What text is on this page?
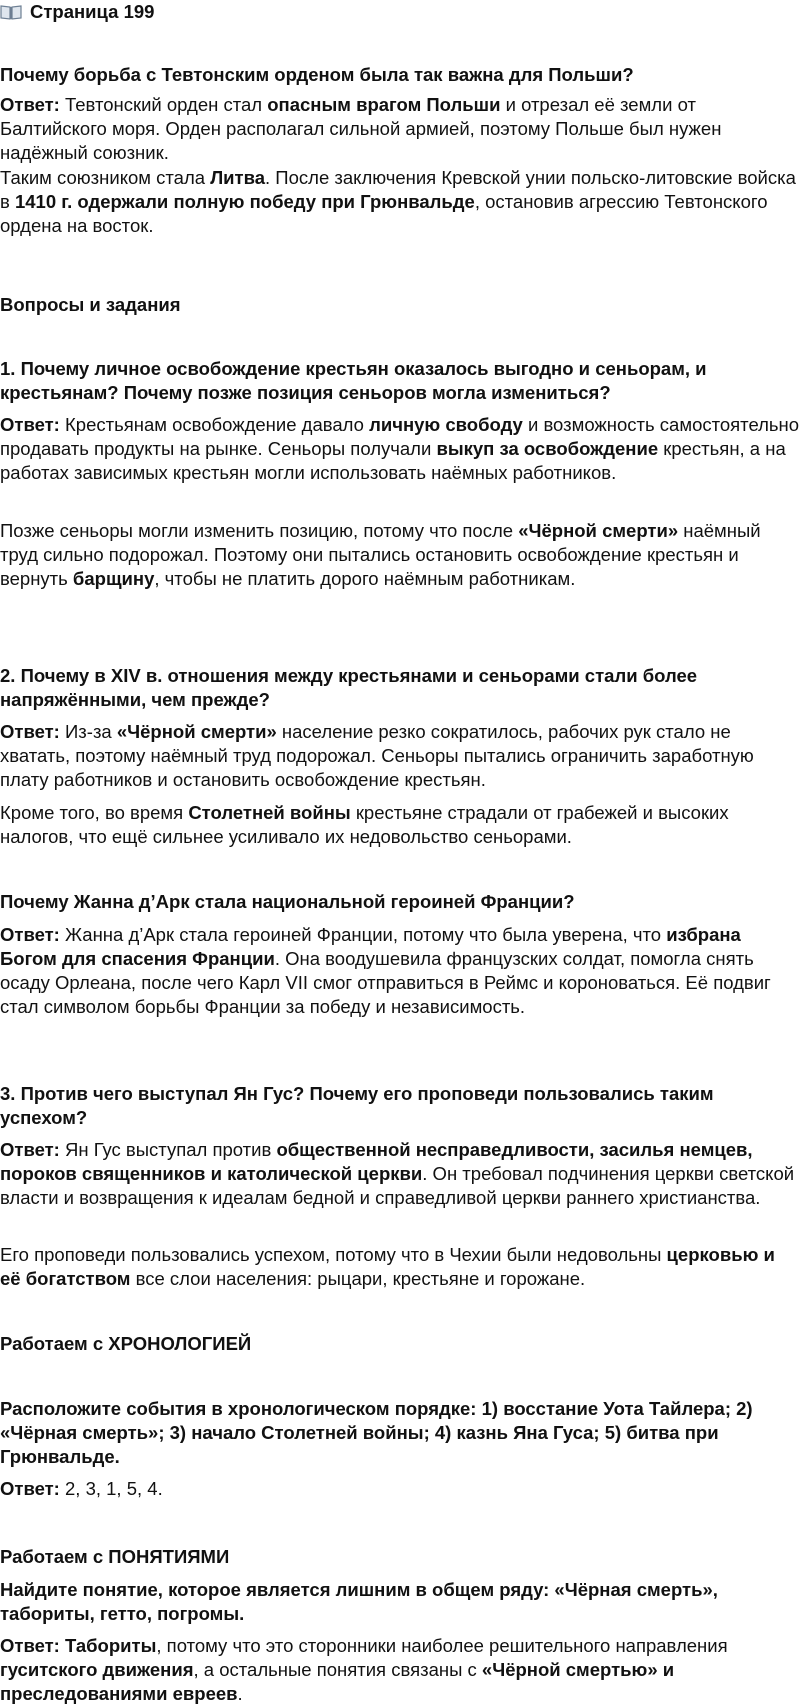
Страница 199
Почему борьба с Тевтонским орденом была так важна для Польши?

Ответ: Тевтонский орден стал опасным врагом Польши и отрезал её земли от Балтийского моря. Орден располагал сильной армией, поэтому Польше был нужен надёжный союзник.

Таким союзником стала Литва. После заключения Кревской унии польско-литовские войска в 1410 г. одержали полную победу при Грюнвальде, остановив агрессию Тевтонского ордена на восток.

Вопросы и задания
1. Почему личное освобождение крестьян оказалось выгодно и сеньорам, и крестьянам? Почему позже позиция сеньоров могла измениться?

Ответ: Крестьянам освобождение давало личную свободу и возможность самостоятельно продавать продукты на рынке. Сеньоры получали выкуп за освобождение крестьян, а на работах зависимых крестьян могли использовать наёмных работников.

Позже сеньоры могли изменить позицию, потому что после «Чёрной смерти» наёмный труд сильно подорожал. Поэтому они пытались остановить освобождение крестьян и вернуть барщину, чтобы не платить дорого наёмным работникам.

2. Почему в XIV в. отношения между крестьянами и сеньорами стали более напряжёнными, чем прежде?

Ответ: Из-за «Чёрной смерти» население резко сократилось, рабочих рук стало не хватать, поэтому наёмный труд подорожал. Сеньоры пытались ограничить заработную плату работников и остановить освобождение крестьян.

Кроме того, во время Столетней войны крестьяне страдали от грабежей и высоких налогов, что ещё сильнее усиливало их недовольство сеньорами.

Почему Жанна д’Арк стала национальной героиней Франции?

Ответ: Жанна д’Арк стала героиней Франции, потому что была уверена, что избрана Богом для спасения Франции. Она воодушевила французских солдат, помогла снять осаду Орлеана, после чего Карл VII смог отправиться в Реймс и короноваться. Её подвиг стал символом борьбы Франции за победу и независимость.

3. Против чего выступал Ян Гус? Почему его проповеди пользовались таким успехом?

Ответ: Ян Гус выступал против общественной несправедливости, засилья немцев, пороков священников и католической церкви. Он требовал подчинения церкви светской власти и возвращения к идеалам бедной и справедливой церкви раннего христианства.

Его проповеди пользовались успехом, потому что в Чехии были недовольны церковью и её богатством все слои населения: рыцари, крестьяне и горожане.

Работаем с ХРОНОЛОГИЕЙ
Расположите события в хронологическом порядке: 1) восстание Уота Тайлера; 2) «Чёрная смерть»; 3) начало Столетней войны; 4) казнь Яна Гуса; 5) битва при Грюнвальде.

Ответ: 2, 3, 1, 5, 4.

Работаем с ПОНЯТИЯМИ
Найдите понятие, которое является лишним в общем ряду: «Чёрная смерть», табориты, гетто, погромы.

Ответ: Табориты, потому что это сторонники наиболее решительного направления гуситского движения, а остальные понятия связаны с «Чёрной смертью» и преследованиями евреев.
